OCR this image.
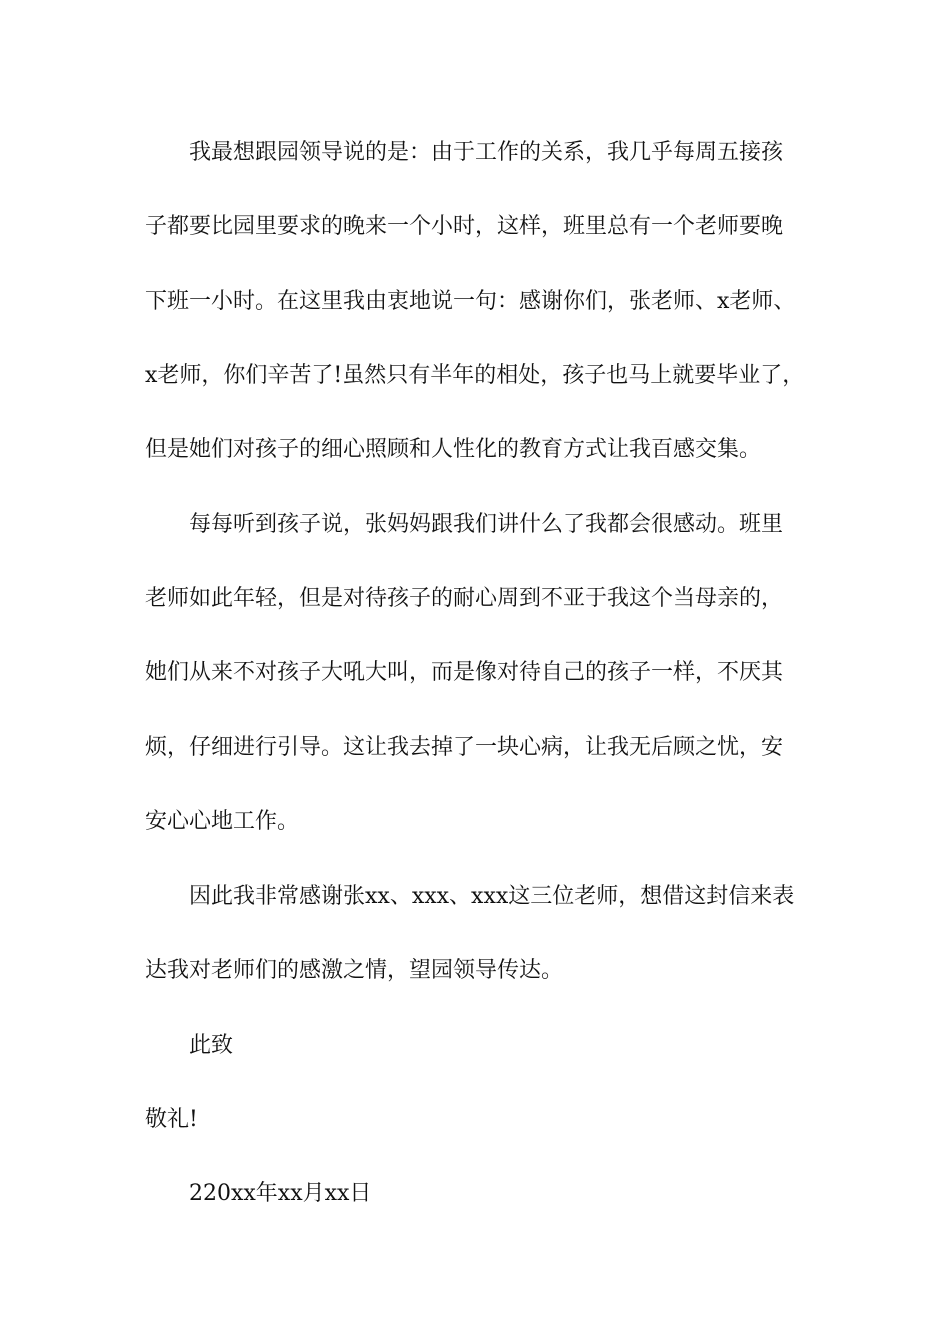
我最想跟园领导说的是：由于工作的关系，我几乎每周五接孩
子都要比园里要求的晚来一个小时，这样，班里总有一个老师要晚
下班一小时。在这里我由衷地说一句：感谢你们，张老师、x老师、
x老师，你们辛苦了!虽然只有半年的相处，孩子也马上就要毕业了，
但是她们对孩子的细心照顾和人性化的教育方式让我百感交集。
每每听到孩子说，张妈妈跟我们讲什么了我都会很感动。班里
老师如此年轻，但是对待孩子的耐心周到不亚于我这个当母亲的，
她们从来不对孩子大吼大叫，而是像对待自己的孩子一样，不厌其
烦，仔细进行引导。这让我去掉了一块心病，让我无后顾之忧，安
安心心地工作。
因此我非常感谢张xx、xxx、xxx这三位老师，想借这封信来表
达我对老师们的感激之情，望园领导传达。
此致
敬礼!
220xx年xx月xx日
